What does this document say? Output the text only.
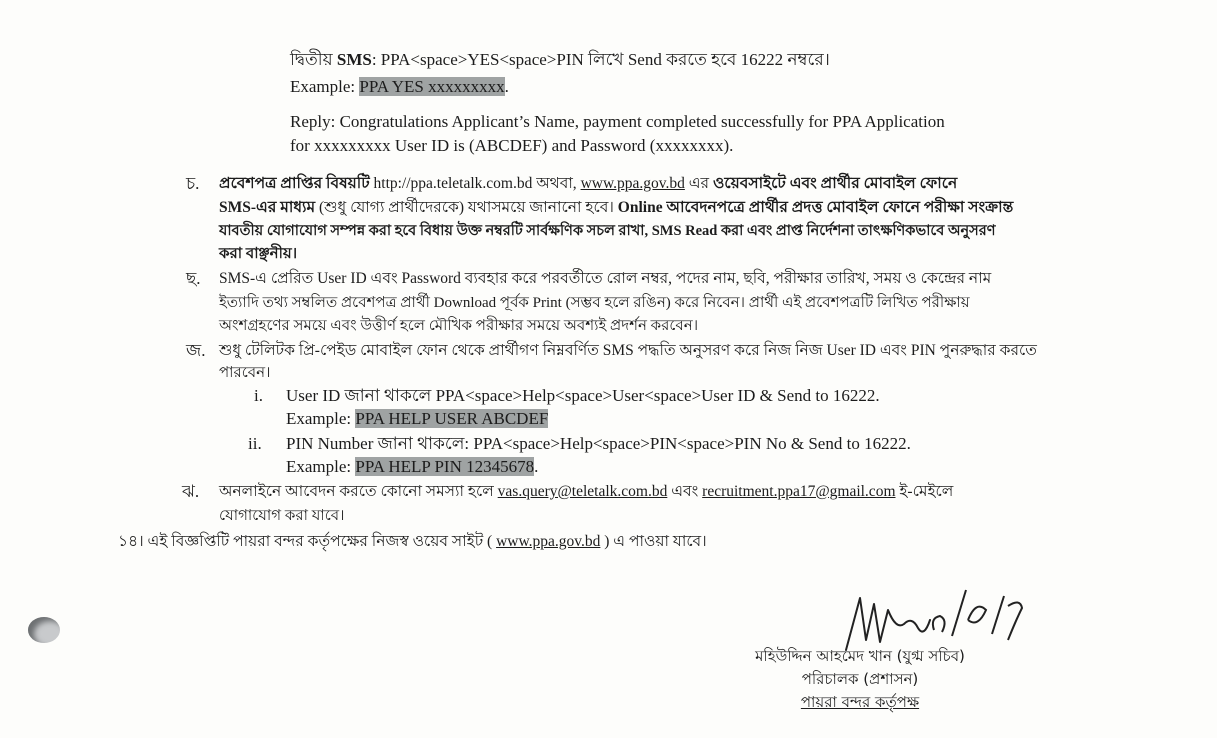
দ্বিতীয় SMS: PPA<space>YES<space>PIN লিখে Send করতে হবে 16222 নম্বরে।
Example: PPA YES xxxxxxxxx.
Reply: Congratulations Applicant’s Name, payment completed successfully for PPA Application
for xxxxxxxxx User ID is (ABCDEF) and Password (xxxxxxxx).
চ. প্রবেশপত্র প্রাপ্তির বিষয়টি http://ppa.teletalk.com.bd অথবা, www.ppa.gov.bd এর ওয়েবসাইটে এবং প্রার্থীর মোবাইল ফোনে
SMS-এর মাধ্যম (শুধু যোগ্য প্রার্থীদেরকে) যথাসময়ে জানানো হবে। Online আবেদনপত্রে প্রার্থীর প্রদত্ত মোবাইল ফোনে পরীক্ষা সংক্রান্ত
যাবতীয় যোগাযোগ সম্পন্ন করা হবে বিধায় উক্ত নম্বরটি সার্বক্ষণিক সচল রাখা, SMS Read করা এবং প্রাপ্ত নির্দেশনা তাৎক্ষণিকভাবে অনুসরণ
করা বাঞ্ছনীয়।
ছ. SMS-এ প্রেরিত User ID এবং Password ব্যবহার করে পরবর্তীতে রোল নম্বর, পদের নাম, ছবি, পরীক্ষার তারিখ, সময় ও কেন্দ্রের নাম
ইত্যাদি তথ্য সম্বলিত প্রবেশপত্র প্রার্থী Download পূর্বক Print (সম্ভব হলে রঙিন) করে নিবেন। প্রার্থী এই প্রবেশপত্রটি লিখিত পরীক্ষায়
অংশগ্রহণের সময়ে এবং উত্তীর্ণ হলে মৌখিক পরীক্ষার সময়ে অবশ্যই প্রদর্শন করবেন।
জ. শুধু টেলিটক প্রি-পেইড মোবাইল ফোন থেকে প্রার্থীগণ নিম্নবর্ণিত SMS পদ্ধতি অনুসরণ করে নিজ নিজ User ID এবং PIN পুনরুদ্ধার করতে
পারবেন।
i. User ID জানা থাকলে PPA<space>Help<space>User<space>User ID & Send to 16222.
Example: PPA HELP USER ABCDEF
ii. PIN Number জানা থাকলে: PPA<space>Help<space>PIN<space>PIN No & Send to 16222.
Example: PPA HELP PIN 12345678.
ঝ. অনলাইনে আবেদন করতে কোনো সমস্যা হলে vas.query@teletalk.com.bd এবং recruitment.ppa17@gmail.com ই-মেইলে
যোগাযোগ করা যাবে।
১৪। এই বিজ্ঞপ্তিটি পায়রা বন্দর কর্তৃপক্ষের নিজস্ব ওয়েব সাইট ( www.ppa.gov.bd ) এ পাওয়া যাবে।
মহিউদ্দিন আহমেদ খান (যুগ্ম সচিব)
পরিচালক (প্রশাসন)
পায়রা বন্দর কর্তৃপক্ষ
